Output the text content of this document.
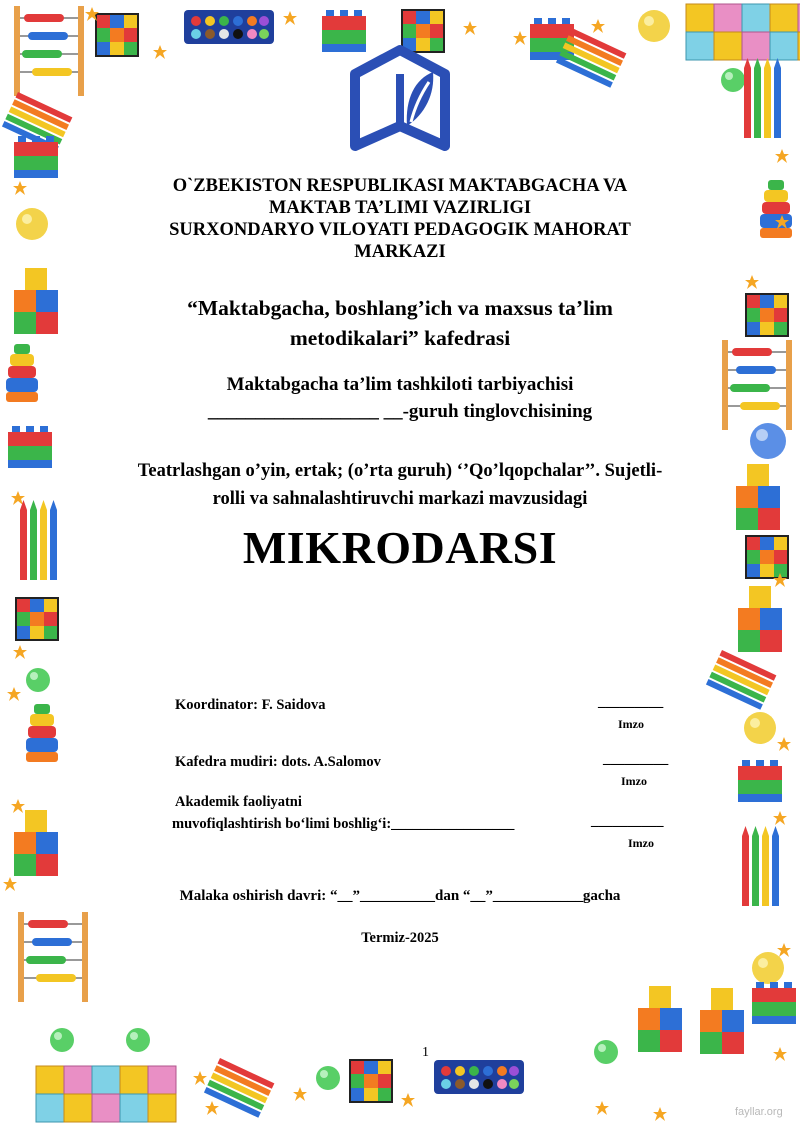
O`ZBEKISTON RESPUBLIKASI MAKTABGACHA VA
MAKTAB TA’LIMI VAZIRLIGI
SURXONDARYO VILOYATI PEDAGOGIK MAHORAT
MARKAZI
“Maktabgacha, boshlang’ich va maxsus ta’lim
metodikalari” kafedrasi
Maktabgacha ta’lim tashkiloti tarbiyachisi
__________________ __-guruh tinglovchisining
Teatrlashgan o’yin, ertak; (o’rta guruh) ‘’Qo’lqopchalar’’. Sujetli-
rolli va sahnalashtiruvchi markazi mavzusidagi
MIKRODARSI
Koordinator: F. Saidova	_________
Imzo
Kafedra mudiri: dots. A.Salomov	_________
Imzo
Akademik faoliyatni
muvofiqlashtirish bo‘limi boshlig‘i:_________________	__________
Imzo
Malaka oshirish davri: “__”__________dan “__”____________gacha
Termiz-2025
1
fayllar.org
